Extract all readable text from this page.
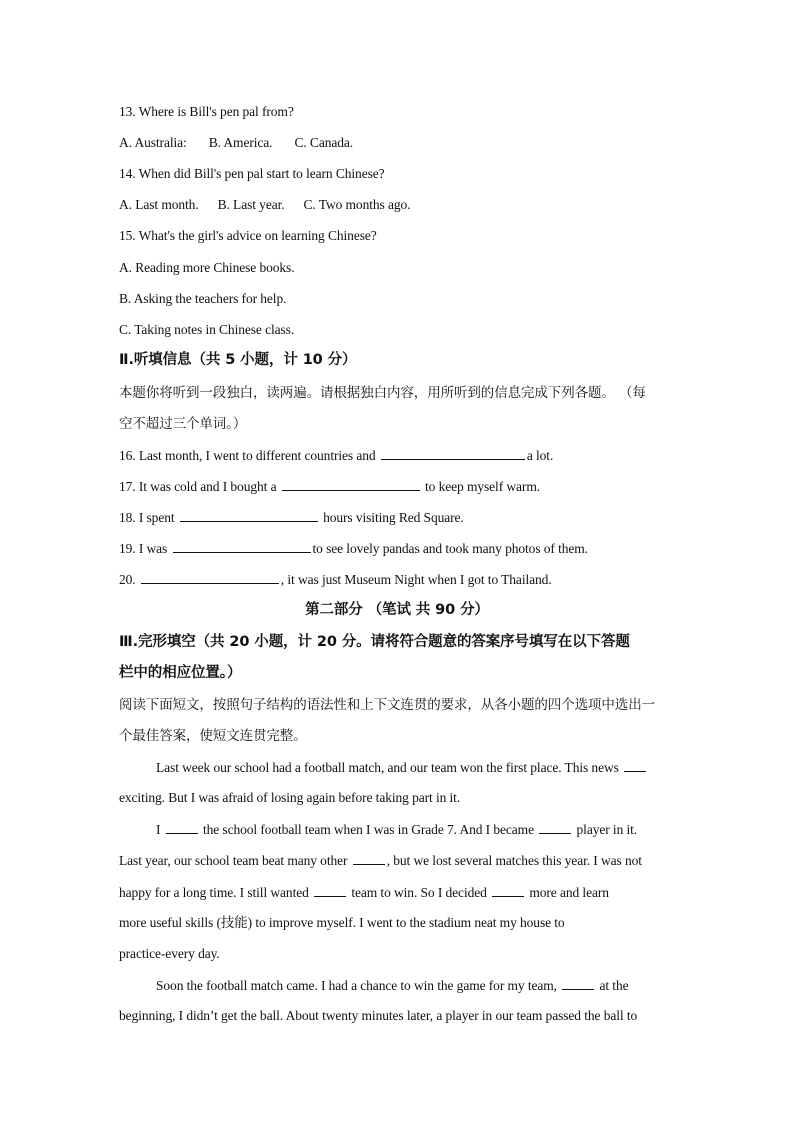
13. Where is Bill's pen pal from?
A. Australia: B. America. C. Canada.
14. When did Bill's pen pal start to learn Chinese?
A. Last month. B. Last year. C. Two months ago.
15. What's the girl's advice on learning Chinese?
A. Reading more Chinese books.
B. Asking the teachers for help.
C. Taking notes in Chinese class.
Ⅱ.听填信息（共 5 小题，计 10 分）
本题你将听到一段独白，读两遍。请根据独白内容，用所听到的信息完成下列各题。 （每
空不超过三个单词。）
16. Last month, I went to different countries and	a lot.
17. It was cold and I bought a	to keep myself warm.
18. I spent	hours visiting Red Square.
19. I was	to see lovely pandas and took many photos of them.
20.	, it was just Museum Night when I got to Thailand.
第二部分 （笔试 共 90 分）
Ⅲ.完形填空（共 20 小题，计 20 分。请将符合题意的答案序号填写在以下答题
栏中的相应位置。）
阅读下面短文，按照句子结构的语法性和上下文连贯的要求，从各小题的四个选项中选出一
个最佳答案，使短文连贯完整。
Last week our school had a football match, and our team won the first place. This news
exciting. But I was afraid of losing again before taking part in it.
I	the school football team when I was in Grade 7. And I became	player in it.
Last year, our school team beat many other	, but we lost several matches this year. I was not
happy for a long time. I still wanted	team to win. So I decided	more and learn
more useful skills (技能) to improve myself. I went to the stadium neat my house to
practice-every day.
Soon the football match came. I had a chance to win the game for my team,	at the
beginning, I didn’t get the ball. About twenty minutes later, a player in our team passed the ball to
